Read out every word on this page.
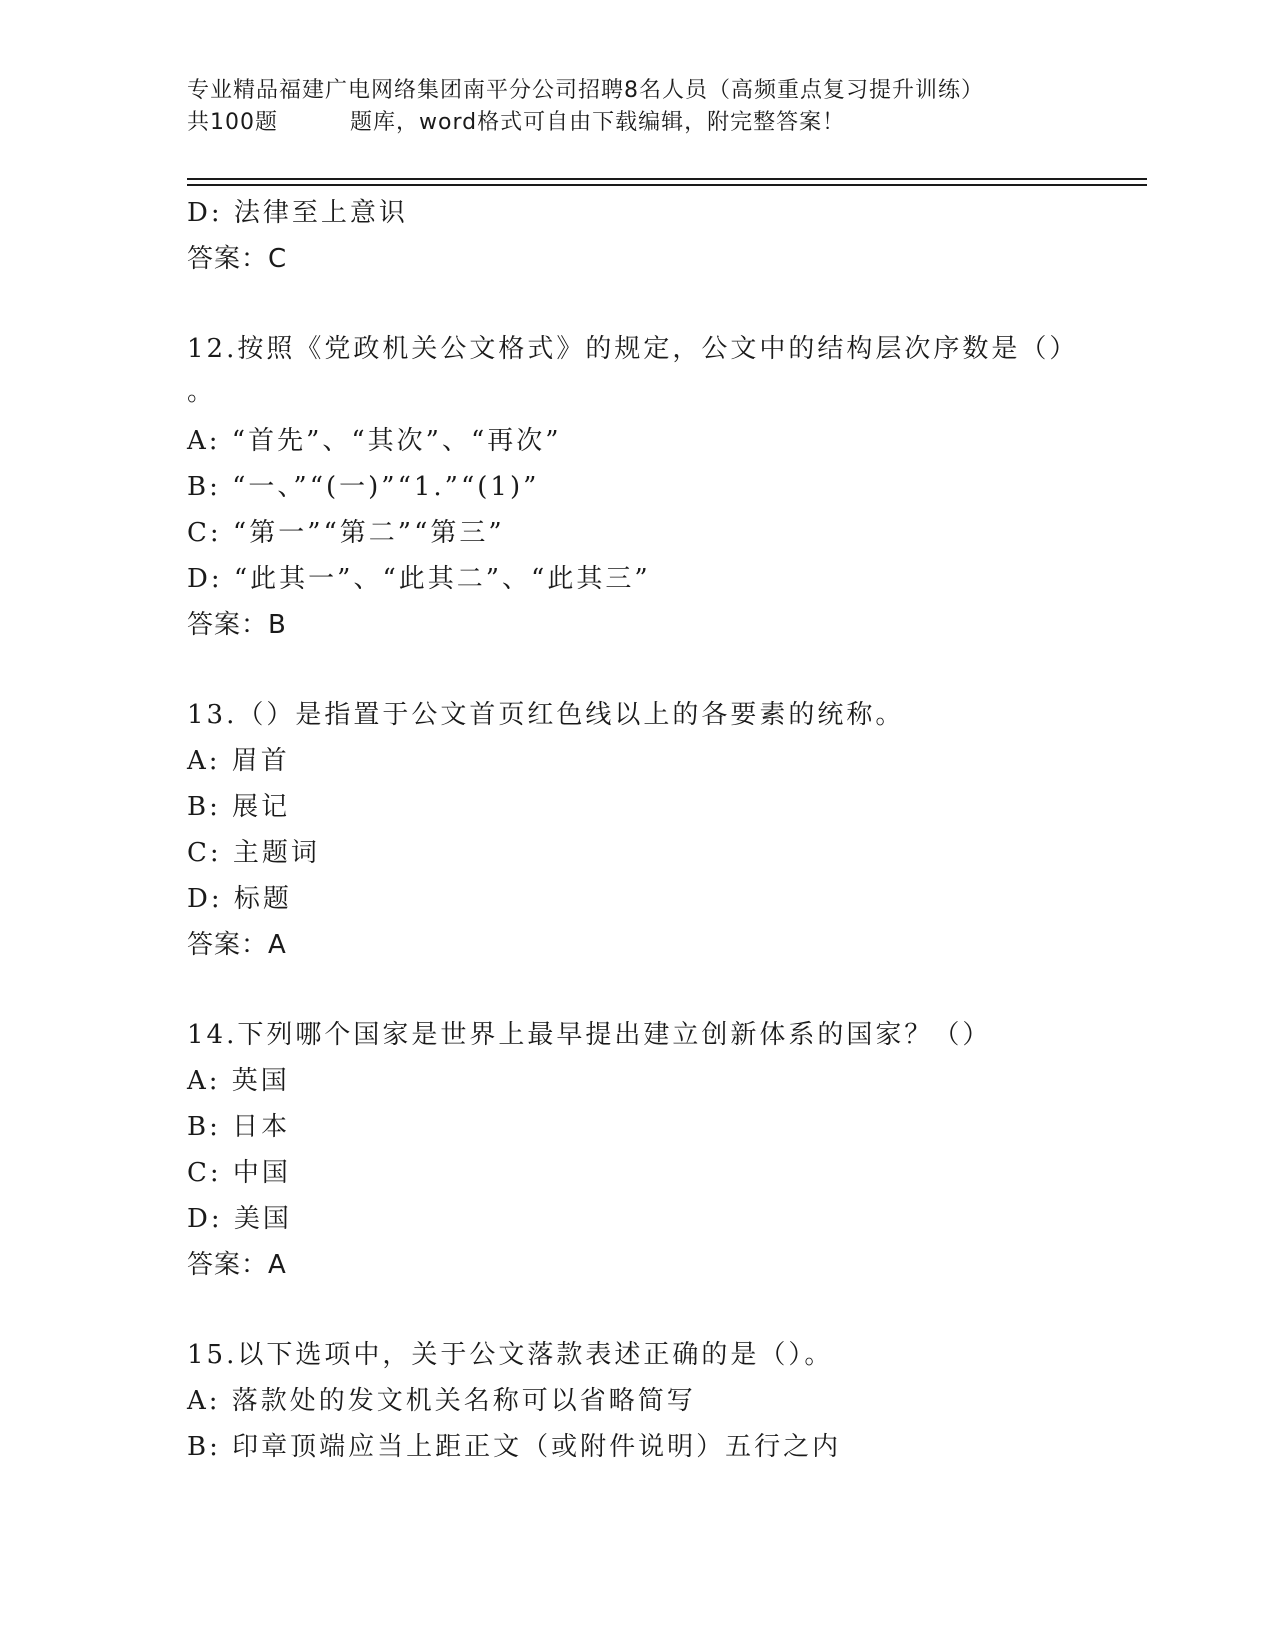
专业精品福建广电网络集团南平分公司招聘8名人员（高频重点复习提升训练）
共100题	题库，word格式可自由下载编辑，附完整答案！
D: 法律至上意识
答案：C
12.按照《党政机关公文格式》的规定，公文中的结构层次序数是（）
。
A: “首先”、“其次”、“再次”
B: “一、”“(一)”“1.”“(1)”
C: “第一”“第二”“第三”
D: “此其一”、“此其二”、“此其三”
答案：B
13.（）是指置于公文首页红色线以上的各要素的统称。
A: 眉首
B: 展记
C: 主题词
D: 标题
答案：A
14.下列哪个国家是世界上最早提出建立创新体系的国家？（）
A: 英国
B: 日本
C: 中国
D: 美国
答案：A
15.以下选项中，关于公文落款表述正确的是（）。
A: 落款处的发文机关名称可以省略简写
B: 印章顶端应当上距正文（或附件说明）五行之内
